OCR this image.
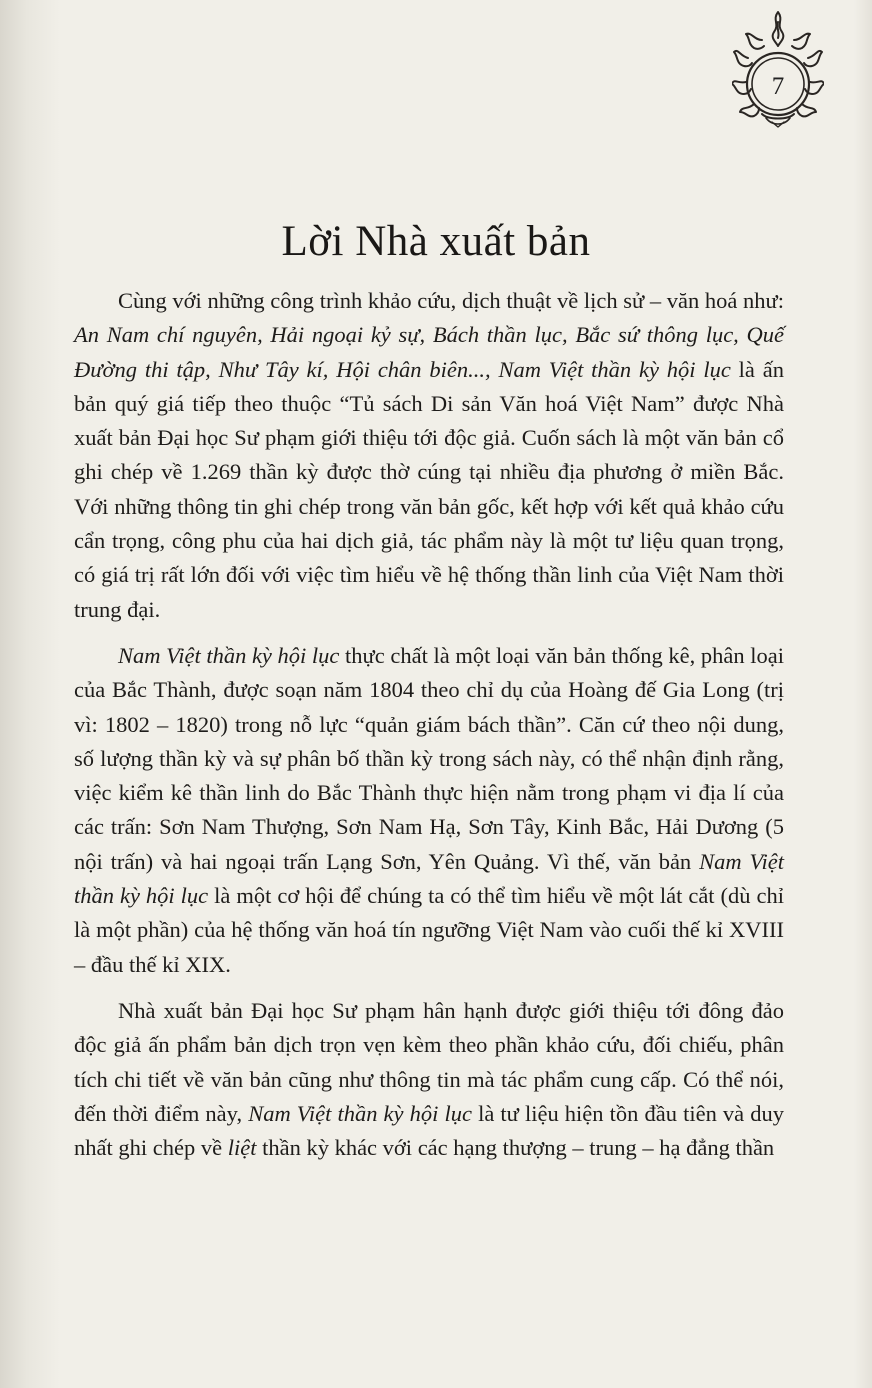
7
Lời Nhà xuất bản

Cùng với những công trình khảo cứu, dịch thuật về lịch sử – văn hoá như: An Nam chí nguyên, Hải ngoại kỷ sự, Bách thần lục, Bắc sứ thông lục, Quế Đường thi tập, Như Tây kí, Hội chân biên..., Nam Việt thần kỳ hội lục là ấn bản quý giá tiếp theo thuộc “Tủ sách Di sản Văn hoá Việt Nam” được Nhà xuất bản Đại học Sư phạm giới thiệu tới độc giả. Cuốn sách là một văn bản cổ ghi chép về 1.269 thần kỳ được thờ cúng tại nhiều địa phương ở miền Bắc. Với những thông tin ghi chép trong văn bản gốc, kết hợp với kết quả khảo cứu cẩn trọng, công phu của hai dịch giả, tác phẩm này là một tư liệu quan trọng, có giá trị rất lớn đối với việc tìm hiểu về hệ thống thần linh của Việt Nam thời trung đại.

Nam Việt thần kỳ hội lục thực chất là một loại văn bản thống kê, phân loại của Bắc Thành, được soạn năm 1804 theo chỉ dụ của Hoàng đế Gia Long (trị vì: 1802 – 1820) trong nỗ lực “quản giám bách thần”. Căn cứ theo nội dung, số lượng thần kỳ và sự phân bố thần kỳ trong sách này, có thể nhận định rằng, việc kiểm kê thần linh do Bắc Thành thực hiện nằm trong phạm vi địa lí của các trấn: Sơn Nam Thượng, Sơn Nam Hạ, Sơn Tây, Kinh Bắc, Hải Dương (5 nội trấn) và hai ngoại trấn Lạng Sơn, Yên Quảng. Vì thế, văn bản Nam Việt thần kỳ hội lục là một cơ hội để chúng ta có thể tìm hiểu về một lát cắt (dù chỉ là một phần) của hệ thống văn hoá tín ngưỡng Việt Nam vào cuối thế kỉ XVIII – đầu thế kỉ XIX.

Nhà xuất bản Đại học Sư phạm hân hạnh được giới thiệu tới đông đảo độc giả ấn phẩm bản dịch trọn vẹn kèm theo phần khảo cứu, đối chiếu, phân tích chi tiết về văn bản cũng như thông tin mà tác phẩm cung cấp. Có thể nói, đến thời điểm này, Nam Việt thần kỳ hội lục là tư liệu hiện tồn đầu tiên và duy nhất ghi chép về liệt thần kỳ khác với các hạng thượng – trung – hạ đẳng thần
